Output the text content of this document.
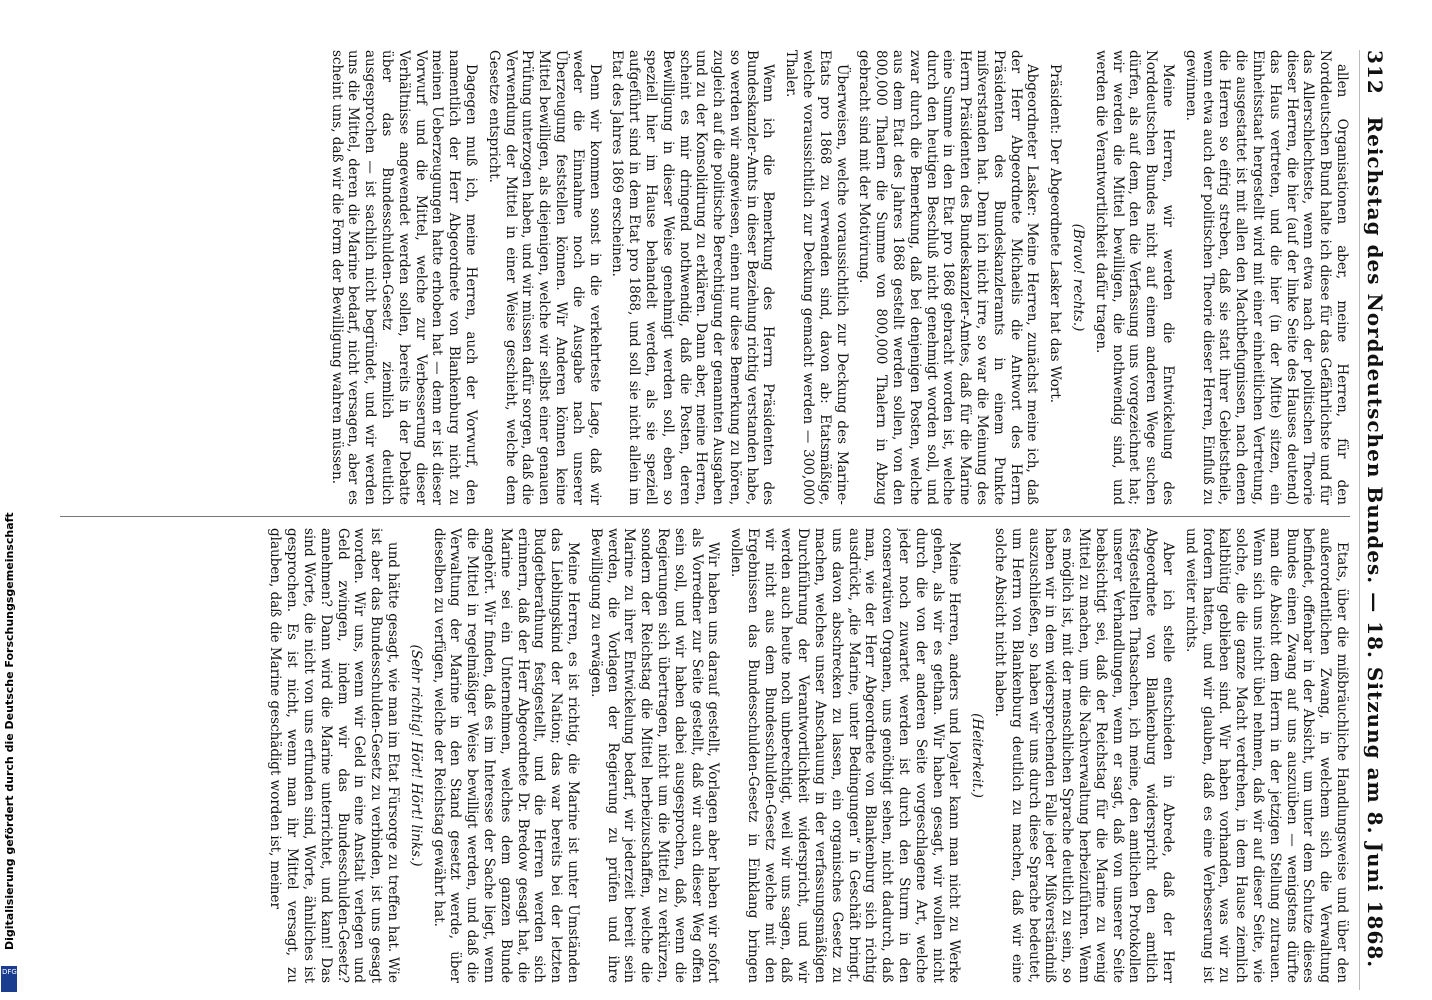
Digitalisierung gefördert durch die Deutsche Forschungsgemeinschaft
DFG
312
Reichstag des Norddeutschen Bundes. — 18. Sitzung am 8. Juni 1868.

allen Organisationen aber, meine Herren, für den Norddeutschen Bund halte ich diese für das Gefährlichste und für das Allerschlechteste, wenn etwa nach der politischen Theorie dieser Herren, die hier (auf der linke Seite des Hauses deutend) das Haus vertreten, und die hier (in der Mitte) sitzen, ein Einheitsstaat hergestellt wird mit einer einheitlichen Vertretung, die ausgestattet ist mit allen den Machtbefugnissen, nach denen die Herren so eifrig streben, daß sie statt ihrer Gebietstheile, wenn etwa auch der politischen Theorie dieser Herren, Einfluß zu gewinnen.

Meine Herren, wir werden die Entwickelung des Norddeutschen Bundes nicht auf einem anderen Wege suchen dürfen, als auf dem, den die Verfassung uns vorgezeichnet hat; wir werden die Mittel bewilligen, die nothwendig sind, und werden die Verantwortlichkeit dafür tragen.

(Bravo! rechts.)

Präsident: Der Abgeordnete Lasker hat das Wort.

Abgeordneter Lasker: Meine Herren, zunächst meine ich, daß der Herr Abgeordnete Michaelis die Antwort des Herrn Präsidenten des Bundeskanzleramts in einem Punkte mißverstanden hat. Denn ich nicht irre, so war die Meinung des Herrn Präsidenten des Bundeskanzler-Amtes, daß für die Marine eine Summe in den Etat pro 1868 gebracht worden ist, welche durch den heutigen Beschluß nicht genehmigt worden soll, und zwar durch die Bemerkung, daß bei denjenigen Posten, welche aus dem Etat des Jahres 1868 gestellt werden sollen, von den 800,000 Thalern die Summe von 800,000 Thalern in Abzug gebracht sind mit der Motivirung.

Überweisen, welche voraussichtlich zur Deckung des Marine-Etats pro 1868 zu verwenden sind, davon ab: Etatsmäßige, welche voraussichtlich zur Deckung gemacht werden — 300,000 Thaler.

Wenn ich die Bemerkung des Herrn Präsidenten des Bundeskanzler-Amts in dieser Beziehung richtig verstanden habe, so werden wir angewiesen, einen nur diese Bemerkung zu hören, zugleich auf die politische Berechtigung der genannten Ausgaben und zu der Konsolidirung zu erklären. Dann aber, meine Herren, scheint es mir dringend nothwendig, daß die Posten, deren Bewilligung in dieser Weise genehmigt werden soll, eben so speziell hier im Hause behandelt werden, als sie speziell aufgeführt sind in dem Etat pro 1868, und soll sie nicht allein im Etat des Jahres 1869 erscheinen.

Denn wir kommen sonst in die verkehrteste Lage, daß wir weder die Einnahme noch die Ausgabe nach unserer Überzeugung feststellen können. Wir Anderen können keine Mittel bewilligen, als diejenigen, welche wir selbst einer genauen Prüfung unterzogen haben, und wir müssen dafür sorgen, daß die Verwendung der Mittel in einer Weise geschieht, welche dem Gesetze entspricht.

Dagegen muß ich, meine Herren, auch der Vorwurf, den namentlich der Herr Abgeordnete von Blankenburg nicht zu meinen Ueberzeugungen hatte erhoben hat — denn er ist dieser Vorwurf und die Mittel, welche zur Verbesserung dieser Verhältnisse angewendet werden sollen, bereits in der Debatte über das Bundesschulden-Gesetz ziemlich deutlich ausgesprochen — ist sachlich nicht begründet, und wir werden uns die Mittel, deren die Marine bedarf, nicht versagen, aber es scheint uns, daß wir die Form der Bewilligung wahren müssen.

Etats, über die mißbräuchliche Handlungsweise und über den außerordentlichen Zwang, in welchem sich die Verwaltung befindet, offenbar in der Absicht, um unter dem Schutze dieses Bundes einen Zwang auf uns auszuüben — wenigstens dürfte man die Absicht dem Herrn in der jetzigen Stellung zutrauen. Wenn sich uns nicht übel nehmen, daß wir auf dieser Seite, wie solche, die die ganze Macht verdrehen, in dem Hause ziemlich kaltblütig geblieben sind. Wir haben vorhanden, was wir zu fordern hatten, und wir glauben, daß es eine Verbesserung ist und weiter nichts.

Aber ich stelle entschieden in Abrede, daß der Herr Abgeordnete von Blankenburg widerspricht den amtlich festgestellten Thatsachen, ich meine, den amtlichen Protokollen unserer Verhandlungen, wenn er sagt, daß von unserer Seite beabsichtigt sei, daß der Reichstag für die Marine zu wenig Mittel zu machen, um die Nachverwaltung herbeizuführen. Wenn es möglich ist, mit der menschlichen Sprache deutlich zu sein, so haben wir in dem widersprechenden Falle jeder Mißverständniß auszuschließen, so haben wir uns durch diese Sprache bedeutet, um Herrn von Blankenburg deutlich zu machen, daß wir eine solche Absicht nicht haben.

(Heiterkeit.)

Meine Herren, anders und loyaler kann man nicht zu Werke gehen, als wir es gethan. Wir haben gesagt, wir wollen nicht durch die von der anderen Seite vorgeschlagene Art, welche jeder noch zuwartet werden ist durch den Sturm in den conservativen Organen, uns genöthigt sehen, nicht dadurch, daß man, wie der Herr Abgeordnete von Blankenburg sich richtig ausdrückt, „die Marine, unter Bedingungen“ in Geschäft bringt, uns davon abschrecken zu lassen, ein organisches Gesetz zu machen, welches unser Anschauung in der verfassungsmäßigen Durchführung der Verantwortlichkeit widerspricht, und wir werden auch heute noch unberechtigt, weil wir uns sagen, daß wir nicht aus dem Bundesschulden-Gesetz welche mit den Ergebnissen das Bundesschulden-Gesetz in Einklang bringen wollen.

Wir haben uns darauf gestellt, Vorlagen aber haben wir sofort als Vorredner zur Seite gestellt, daß wir auch dieser Weg offen sein soll, und wir haben dabei ausgesprochen, daß, wenn die Regierungen sich übertragen, nicht um die Mittel zu verkürzen, sondern der Reichstag die Mittel herbeizuschaffen, welche die Marine zu ihrer Entwickelung bedarf, wir jederzeit bereit sein werden, die Vorlagen der Regierung zu prüfen und ihre Bewilligung zu erwägen.

Meine Herren, es ist richtig, die Marine ist unter Umständen das Lieblingskind der Nation; das war bereits bei der letzten Budgetberathung festgestellt, und die Herren werden sich erinnern, daß der Herr Abgeordnete Dr. Bredow gesagt hat, die Marine sei ein Unternehmen, welches dem ganzen Bunde angehört. Wir finden, daß es im Interesse der Sache liegt, wenn die Mittel in regelmäßiger Weise bewilligt werden, und daß die Verwaltung der Marine in den Stand gesetzt werde, über dieselben zu verfügen, welche der Reichstag gewährt hat.

(Sehr richtig! Hört! Hört! links.)

und hätte gesagt, wie man im Etat Fürsorge zu treffen hat. Wie ist aber das Bundesschulden-Gesetz zu verbinden, ist uns gesagt worden. Wir uns, wenn wir Geld in eine Anstalt verlegen und Geld zwingen, indem wir das Bundesschulden-Gesetz? annehmen? Dann wird die Marine unterrichtet, und kann! Das sind Worte, die nicht von uns erfunden sind, Worte, ähnliches ist gesprochen. Es ist nicht, wenn man ihr Mittel versagt, zu glauben, daß die Marine geschädigt worden ist, meiner
